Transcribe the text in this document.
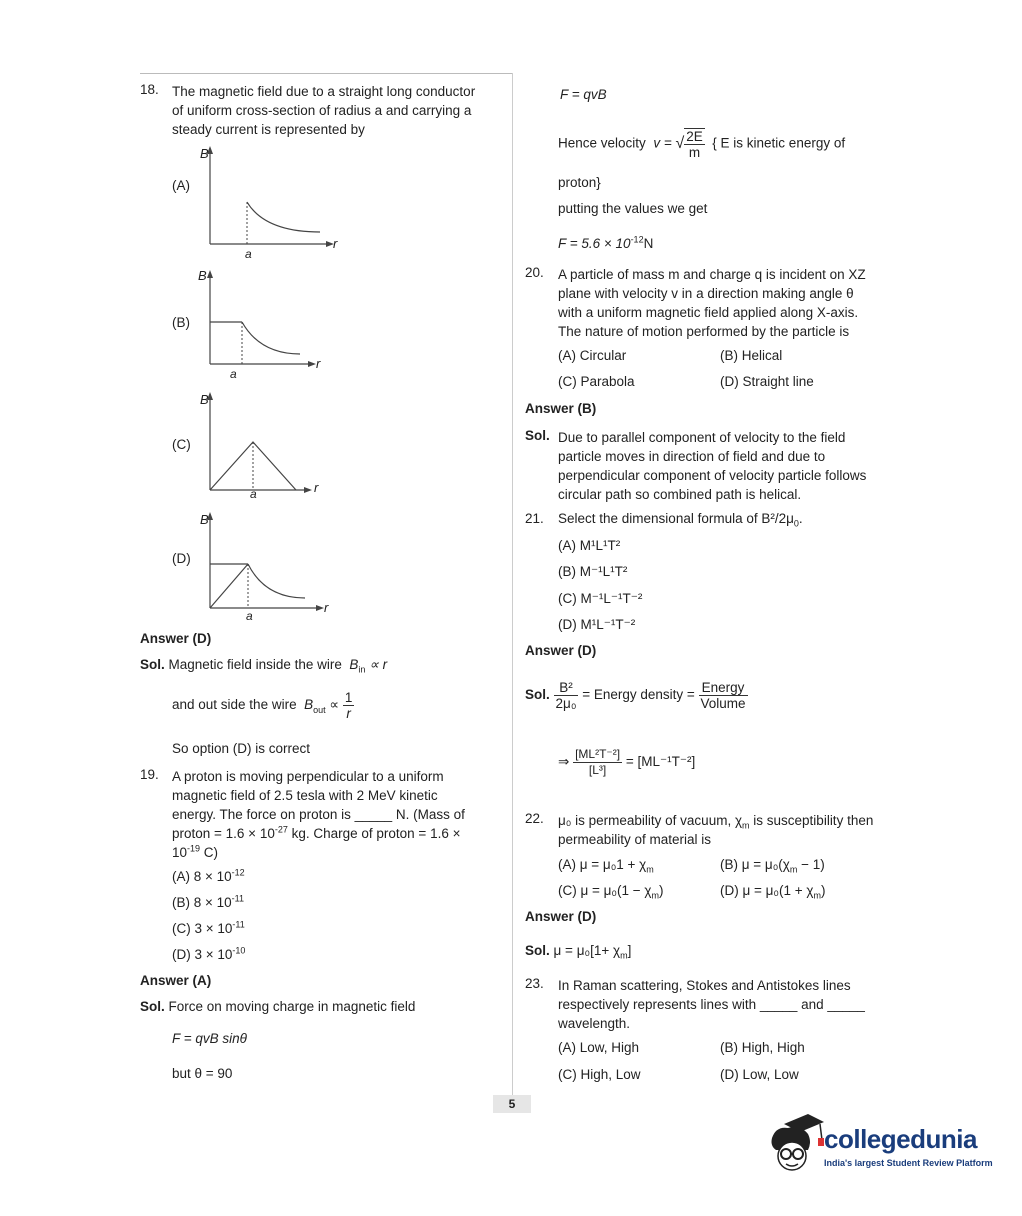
18. The magnetic field due to a straight long conductor
of uniform cross-section of radius a and carrying a
steady current is represented by
(A)
B
r
a
(B)
B
r
a
(C)
B
r
a
(D)
B
r
a
Answer (D)
Sol. Magnetic field inside the wire $B_{in} \propto r$
and out side the wire $B_{out} \propto \frac{1}{r}$
So option (D) is correct
19. A proton is moving perpendicular to a uniform
magnetic field of 2.5 tesla with 2 MeV kinetic
energy. The force on proton is _____ N. (Mass of
proton = $1.6 \times 10^{-27}$ kg. Charge of proton = 1.6 ×
$10^{-19}$ C)
(A) $8 \times 10^{-12}$
(B) $8 \times 10^{-11}$
(C) $3 \times 10^{-11}$
(D) $3 \times 10^{-10}$
Answer (A)
Sol. Force on moving charge in magnetic field
F = qvB sinθ
but θ = 90
F = qvB
Hence velocity v = √ $\frac{2E}{m}$ { E is kinetic energy of
proton}
putting the values we get
$F = 5.6 \times 10^{-12}N$
20. A particle of mass m and charge q is incident on XZ
plane with velocity v in a direction making angle θ
with a uniform magnetic field applied along X-axis.
The nature of motion performed by the particle is
(A) Circular	(B) Helical
(C) Parabola	(D) Straight line
Answer (B)
Sol. Due to parallel component of velocity to the field
particle moves in direction of field and due to
perpendicular component of velocity particle follows
circular path so combined path is helical.
21. Select the dimensional formula of $B^2/2\mu_0$.
(A) M¹L¹T²
(B) M⁻¹L¹T²
(C) M⁻¹L⁻¹T⁻²
(D) M¹L⁻¹T⁻²
Answer (D)
Sol. $\frac{\text{B²}}{\text{2μ₀}}$ = Energy density = $\frac{\text{Energy}}{\text{Volume}}$
⇒ $\frac{\text{[ML²T⁻²]}}{\text{[L³]}} = [ML^{-1}T^{-2}]$
22. μ₀ is permeability of vacuum, $\chi_m$ is susceptibility then
permeability of material is
(A) $\mu = \mu_01 + \chi_m$	(B) $\mu = \mu_0(\chi_m - 1)$
(C) $\mu = \mu_0(1 - \chi_m)$	(D) $\mu = \mu_0(1 + \chi_m)$
Answer (D)
Sol. $\mu = \mu_0[1+ \chi_m]$
23. In Raman scattering, Stokes and Antistokes lines
respectively represents lines with _____ and _____
wavelength.
(A) Low, High	(B) High, High
(C) High, Low	(D) Low, Low
5
collegedunia
India's largest Student Review Platform
